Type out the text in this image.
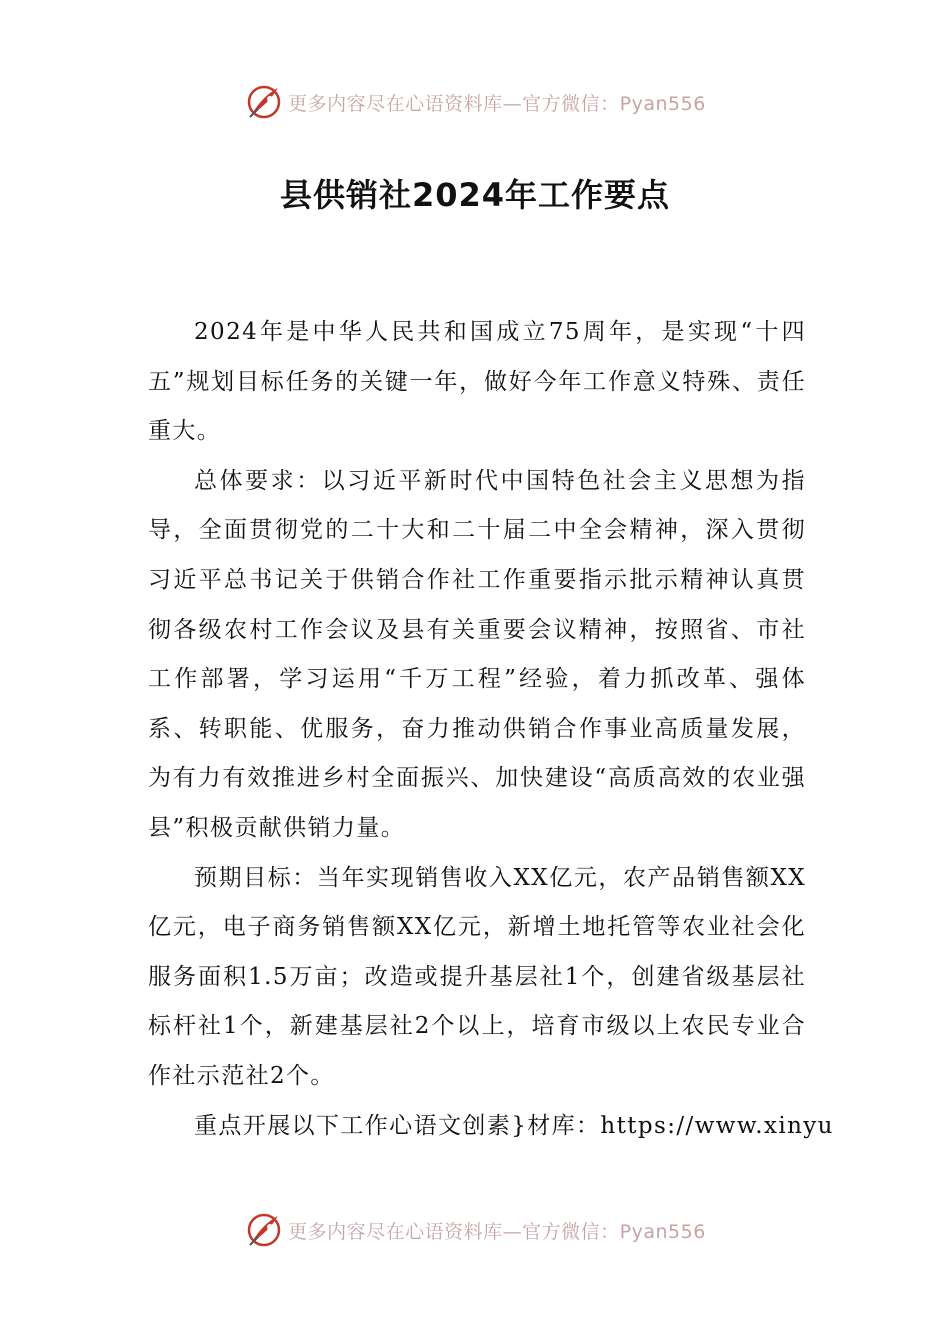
更多内容尽在心语资料库—官方微信：Pyan556
县供销社2024年工作要点

2024年是中华人民共和国成立75周年，是实现“十四五”规划目标任务的关键一年，做好今年工作意义特殊、责任重大。

总体要求：以习近平新时代中国特色社会主义思想为指导，全面贯彻党的二十大和二十届二中全会精神，深入贯彻习近平总书记关于供销合作社工作重要指示批示精神认真贯彻各级农村工作会议及县有关重要会议精神，按照省、市社工作部署，学习运用“千万工程”经验，着力抓改革、强体系、转职能、优服务，奋力推动供销合作事业高质量发展，为有力有效推进乡村全面振兴、加快建设“高质高效的农业强县”积极贡献供销力量。

预期目标：当年实现销售收入XX亿元，农产品销售额XX亿元，电子商务销售额XX亿元，新增土地托管等农业社会化服务面积1.5万亩；改造或提升基层社1个，创建省级基层社标杆社1个，新建基层社2个以上，培育市级以上农民专业合作社示范社2个。

重点开展以下工作心语文创素}材库：https://www.xinyu

更多内容尽在心语资料库—官方微信：Pyan556
